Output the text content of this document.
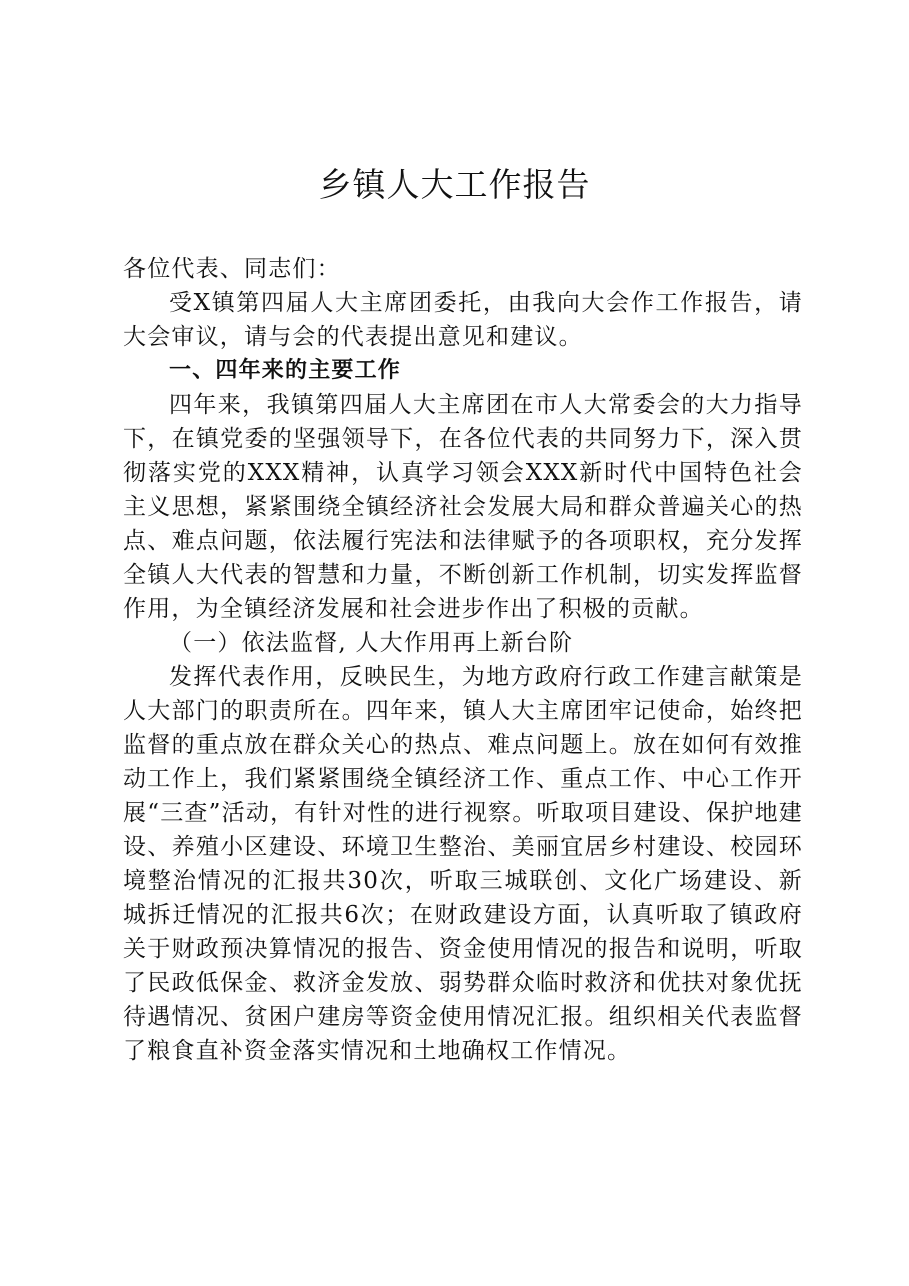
乡镇人大工作报告

各位代表、同志们：

受X镇第四届人大主席团委托，由我向大会作工作报告，请大会审议，请与会的代表提出意见和建议。

一、四年来的主要工作

四年来，我镇第四届人大主席团在市人大常委会的大力指导下，在镇党委的坚强领导下，在各位代表的共同努力下，深入贯彻落实党的XXX精神，认真学习领会XXX新时代中国特色社会主义思想，紧紧围绕全镇经济社会发展大局和群众普遍关心的热点、难点问题，依法履行宪法和法律赋予的各项职权，充分发挥全镇人大代表的智慧和力量，不断创新工作机制，切实发挥监督作用，为全镇经济发展和社会进步作出了积极的贡献。

（一）依法监督, 人大作用再上新台阶

发挥代表作用，反映民生，为地方政府行政工作建言献策是人大部门的职责所在。四年来，镇人大主席团牢记使命，始终把监督的重点放在群众关心的热点、难点问题上。放在如何有效推动工作上，我们紧紧围绕全镇经济工作、重点工作、中心工作开展“三查”活动，有针对性的进行视察。听取项目建设、保护地建设、养殖小区建设、环境卫生整治、美丽宜居乡村建设、校园环境整治情况的汇报共30次，听取三城联创、文化广场建设、新城拆迁情况的汇报共6次；在财政建设方面，认真听取了镇政府关于财政预决算情况的报告、资金使用情况的报告和说明，听取了民政低保金、救济金发放、弱势群众临时救济和优扶对象优抚待遇情况、贫困户建房等资金使用情况汇报。组织相关代表监督了粮食直补资金落实情况和土地确权工作情况。
